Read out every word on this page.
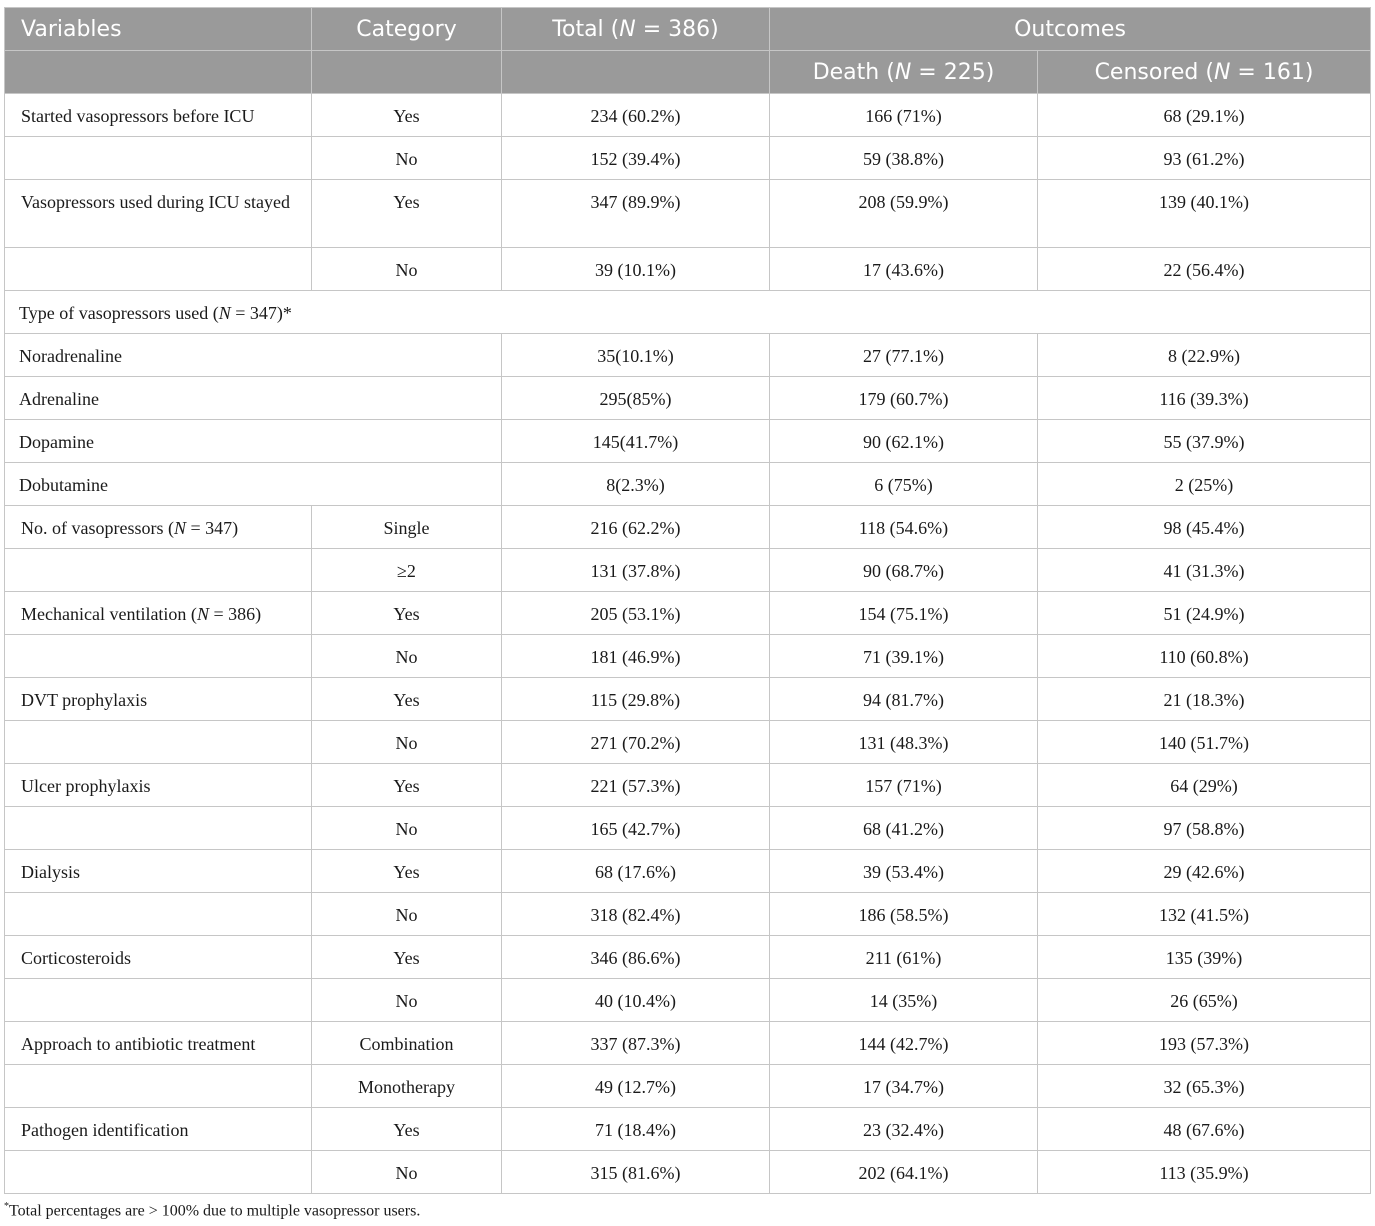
Variables	Category	Total (N = 386)	Outcomes	
			Death (N = 225)	Censored (N = 161)
Started vasopressors before ICU	Yes	234 (60.2%)	166 (71%)	68 (29.1%)
	No	152 (39.4%)	59 (38.8%)	93 (61.2%)
Vasopressors used during ICU stayed	Yes	347 (89.9%)	208 (59.9%)	139 (40.1%)
	No	39 (10.1%)	17 (43.6%)	22 (56.4%)
Type of vasopressors used (N = 347)*				
Noradrenaline		35(10.1%)	27 (77.1%)	8 (22.9%)
Adrenaline		295(85%)	179 (60.7%)	116 (39.3%)
Dopamine		145(41.7%)	90 (62.1%)	55 (37.9%)
Dobutamine		8(2.3%)	6 (75%)	2 (25%)
No. of vasopressors (N = 347)	Single	216 (62.2%)	118 (54.6%)	98 (45.4%)
	≥2	131 (37.8%)	90 (68.7%)	41 (31.3%)
Mechanical ventilation (N = 386)	Yes	205 (53.1%)	154 (75.1%)	51 (24.9%)
	No	181 (46.9%)	71 (39.1%)	110 (60.8%)
DVT prophylaxis	Yes	115 (29.8%)	94 (81.7%)	21 (18.3%)
	No	271 (70.2%)	131 (48.3%)	140 (51.7%)
Ulcer prophylaxis	Yes	221 (57.3%)	157 (71%)	64 (29%)
	No	165 (42.7%)	68 (41.2%)	97 (58.8%)
Dialysis	Yes	68 (17.6%)	39 (53.4%)	29 (42.6%)
	No	318 (82.4%)	186 (58.5%)	132 (41.5%)
Corticosteroids	Yes	346 (86.6%)	211 (61%)	135 (39%)
	No	40 (10.4%)	14 (35%)	26 (65%)
Approach to antibiotic treatment	Combination	337 (87.3%)	144 (42.7%)	193 (57.3%)
	Monotherapy	49 (12.7%)	17 (34.7%)	32 (65.3%)
Pathogen identification	Yes	71 (18.4%)	23 (32.4%)	48 (67.6%)
	No	315 (81.6%)	202 (64.1%)	113 (35.9%)
*Total percentages are > 100% due to multiple vasopressor users.
